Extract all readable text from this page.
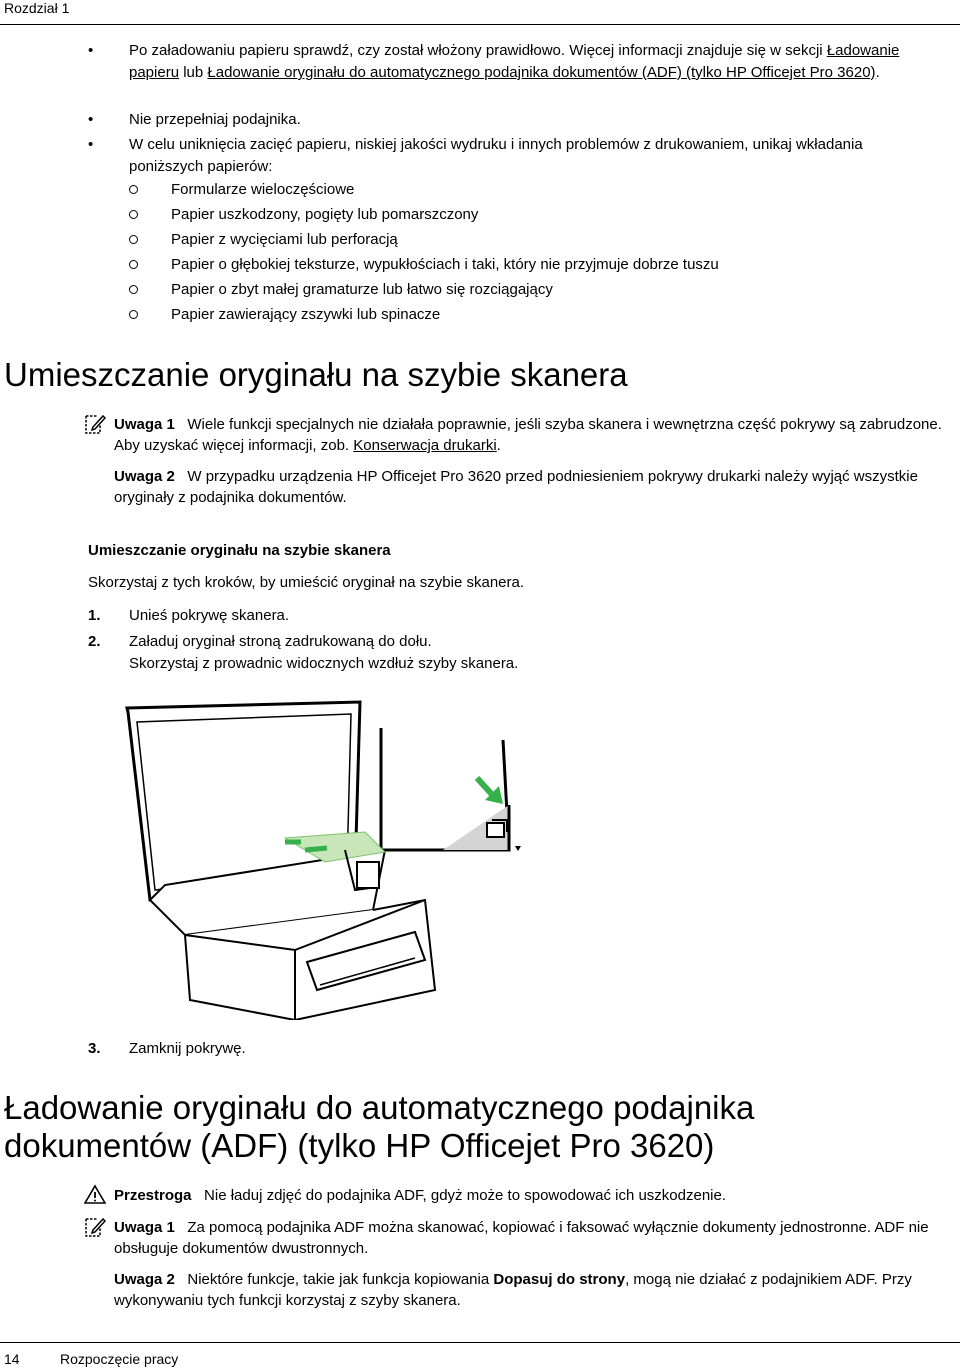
Rozdział 1
• Po załadowaniu papieru sprawdź, czy został włożony prawidłowo. Więcej informacji znajduje się w sekcji Ładowanie papieru lub Ładowanie oryginału do automatycznego podajnika dokumentów (ADF) (tylko HP Officejet Pro 3620).
• Nie przepełniaj podajnika.
• W celu uniknięcia zacięć papieru, niskiej jakości wydruku i innych problemów z drukowaniem, unikaj wkładania poniższych papierów:
Formularze wieloczęściowe
Papier uszkodzony, pogięty lub pomarszczony
Papier z wycięciami lub perforacją
Papier o głębokiej teksturze, wypukłościach i taki, który nie przyjmuje dobrze tuszu
Papier o zbyt małej gramaturze lub łatwo się rozciągający
Papier zawierający zszywki lub spinacze
Umieszczanie oryginału na szybie skanera
Uwaga 1 Wiele funkcji specjalnych nie działała poprawnie, jeśli szyba skanera i wewnętrzna część pokrywy są zabrudzone. Aby uzyskać więcej informacji, zob. Konserwacja drukarki.
Uwaga 2 W przypadku urządzenia HP Officejet Pro 3620 przed podniesieniem pokrywy drukarki należy wyjąć wszystkie oryginały z podajnika dokumentów.
Umieszczanie oryginału na szybie skanera
Skorzystaj z tych kroków, by umieścić oryginał na szybie skanera.
1. Unieś pokrywę skanera.
2. Załaduj oryginał stroną zadrukowaną do dołu.
Skorzystaj z prowadnic widocznych wzdłuż szyby skanera.
3. Zamknij pokrywę.
Ładowanie oryginału do automatycznego podajnika
dokumentów (ADF) (tylko HP Officejet Pro 3620)
Przestroga Nie ładuj zdjęć do podajnika ADF, gdyż może to spowodować ich uszkodzenie.
Uwaga 1 Za pomocą podajnika ADF można skanować, kopiować i faksować wyłącznie dokumenty jednostronne. ADF nie obsługuje dokumentów dwustronnych.
Uwaga 2 Niektóre funkcje, takie jak funkcja kopiowania Dopasuj do strony, mogą nie działać z podajnikiem ADF. Przy wykonywaniu tych funkcji korzystaj z szyby skanera.
14	Rozpoczęcie pracy
